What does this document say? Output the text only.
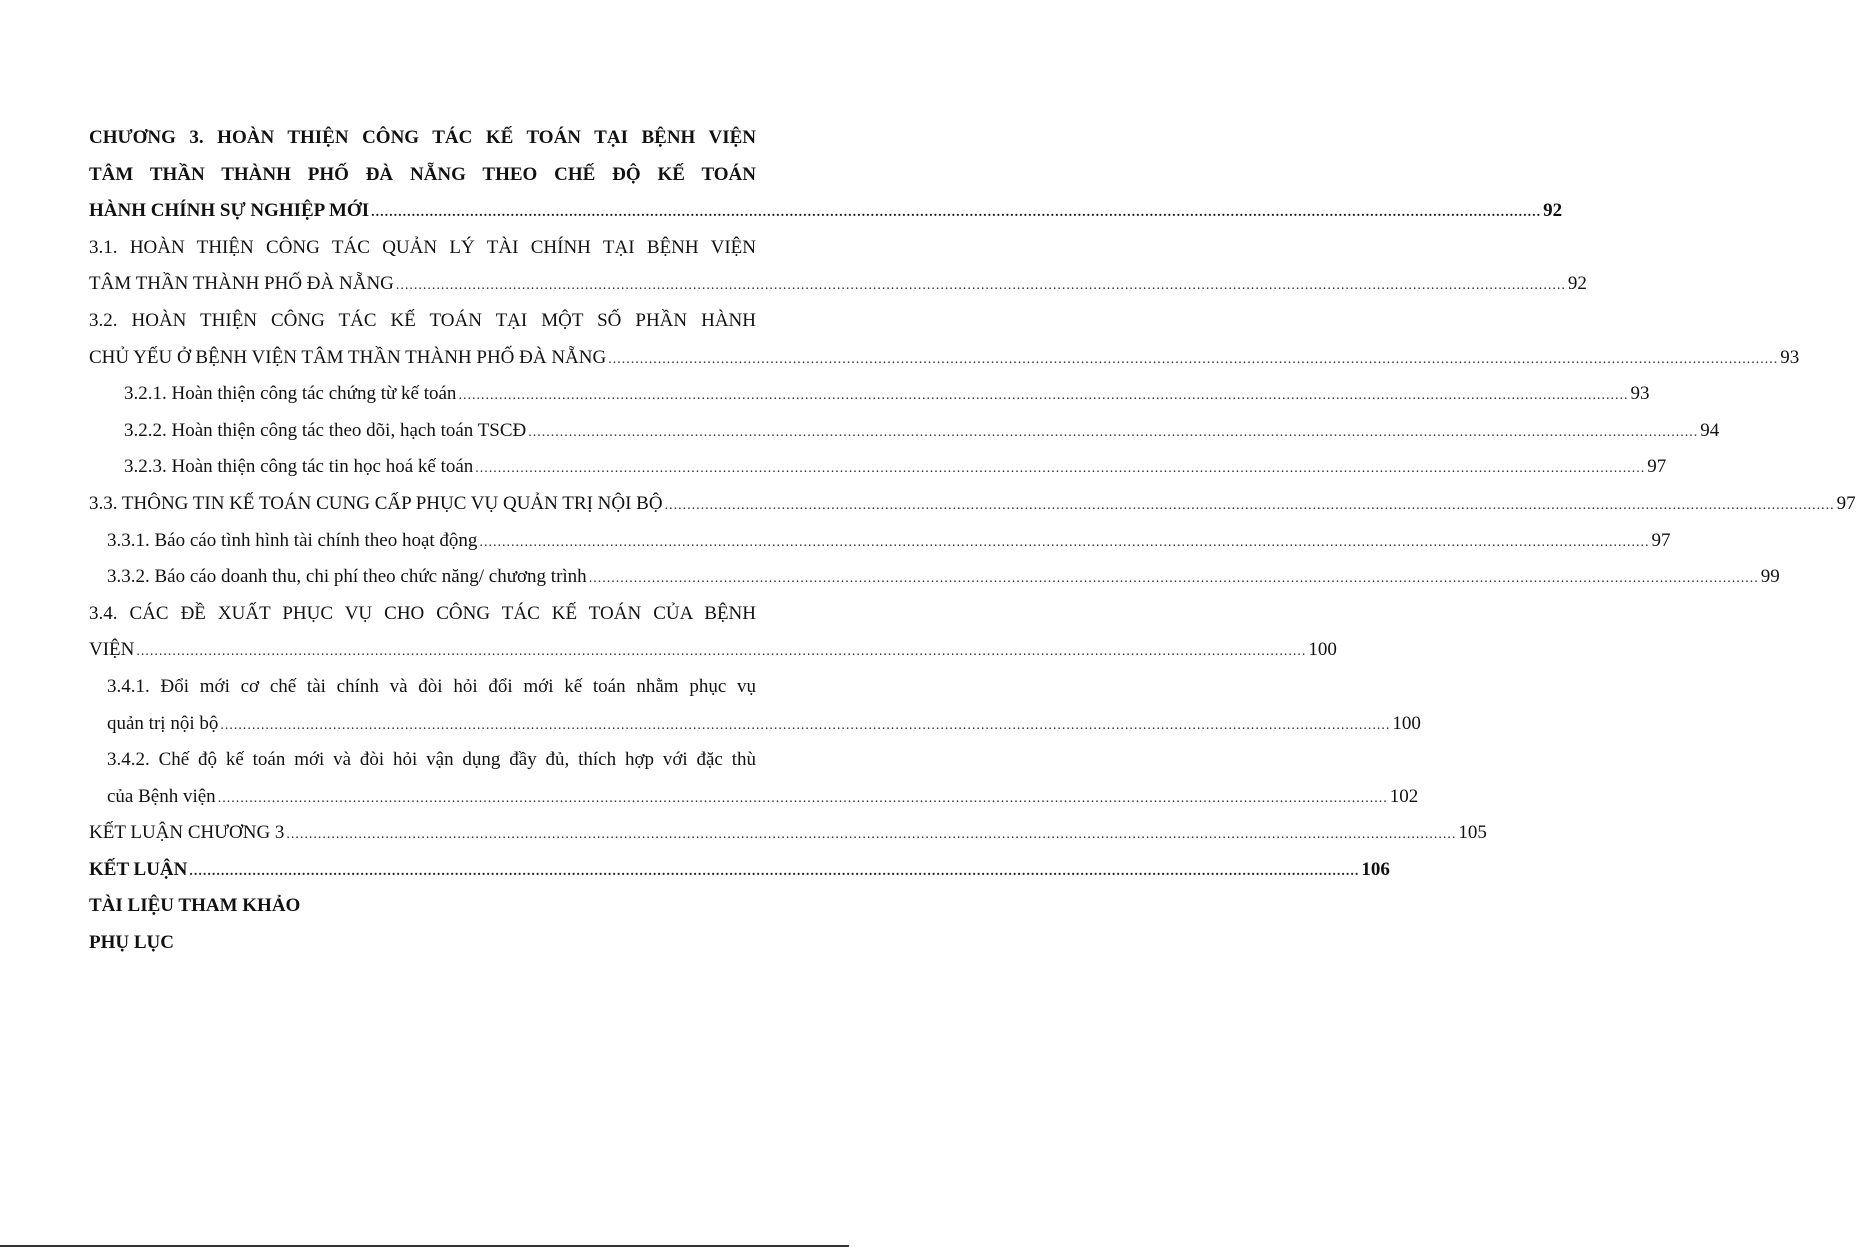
CHƯƠNG 3. HOÀN THIỆN CÔNG TÁC KẾ TOÁN TẠI BỆNH VIỆN
TÂM THẦN THÀNH PHỐ ĐÀ NẴNG THEO CHẾ ĐỘ KẾ TOÁN
HÀNH CHÍNH SỰ NGHIỆP MỚI .................................................................................................................................................................................................................................................................... 92
3.1. HOÀN THIỆN CÔNG TÁC QUẢN LÝ TÀI CHÍNH TẠI BỆNH VIỆN
TÂM THẦN THÀNH PHỐ ĐÀ NẴNG .................................................................................................................................................................................................................................................................... 92
3.2. HOÀN THIỆN CÔNG TÁC KẾ TOÁN TẠI MỘT SỐ PHẦN HÀNH
CHỦ YẾU Ở BỆNH VIỆN TÂM THẦN THÀNH PHỐ ĐÀ NẴNG .................................................................................................................................................................................................................................................................... 93
3.2.1. Hoàn thiện công tác chứng từ kế toán .................................................................................................................................................................................................................................................................... 93
3.2.2. Hoàn thiện công tác theo dõi, hạch toán TSCĐ .................................................................................................................................................................................................................................................................... 94
3.2.3. Hoàn thiện công tác tin học hoá kế toán .................................................................................................................................................................................................................................................................... 97
3.3. THÔNG TIN KẾ TOÁN CUNG CẤP PHỤC VỤ QUẢN TRỊ NỘI BỘ .................................................................................................................................................................................................................................................................... 97
3.3.1. Báo cáo tình hình tài chính theo hoạt động .................................................................................................................................................................................................................................................................... 97
3.3.2. Báo cáo doanh thu, chi phí theo chức năng/ chương trình .................................................................................................................................................................................................................................................................... 99
3.4. CÁC ĐỀ XUẤT PHỤC VỤ CHO CÔNG TÁC KẾ TOÁN CỦA BỆNH
VIỆN .................................................................................................................................................................................................................................................................... 100
3.4.1. Đổi mới cơ chế tài chính và đòi hỏi đổi mới kế toán nhằm phục vụ
quản trị nội bộ .................................................................................................................................................................................................................................................................... 100
3.4.2. Chế độ kế toán mới và đòi hỏi vận dụng đầy đủ, thích hợp với đặc thù
của Bệnh viện .................................................................................................................................................................................................................................................................... 102
KẾT LUẬN CHƯƠNG 3 .................................................................................................................................................................................................................................................................... 105
KẾT LUẬN .................................................................................................................................................................................................................................................................... 106
TÀI LIỆU THAM KHẢO
PHỤ LỤC
